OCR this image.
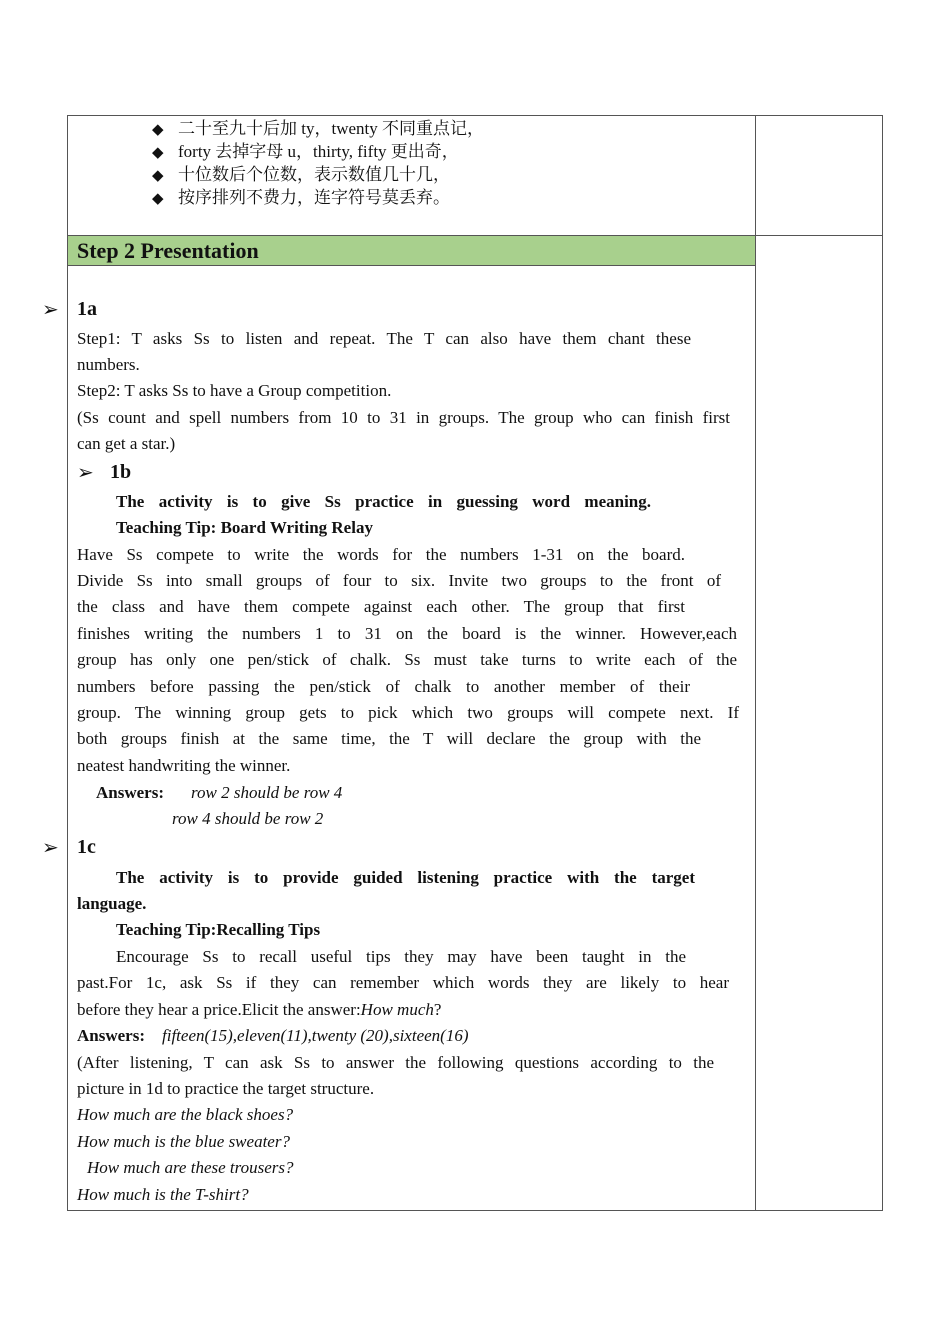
◆ 二十至九十后加 ty，twenty 不同重点记，
◆ forty 去掉字母 u，thirty, fifty 更出奇，
◆ 十位数后个位数，表示数值几十几，
◆ 按序排列不费力，连字符号莫丢弃。
Step 2 Presentation
➢ 1a
Step1: T asks Ss to listen and repeat. The T can also have them chant these
numbers.
Step2: T asks Ss to have a Group competition.
(Ss count and spell numbers from 10 to 31 in groups. The group who can finish first
can get a star.)
➢ 1b
The activity is to give Ss practice in guessing word meaning.
Teaching Tip: Board Writing Relay
Have Ss compete to write the words for the numbers 1-31 on the board.
Divide Ss into small groups of four to six. Invite two groups to the front of
the class and have them compete against each other. The group that first
finishes writing the numbers 1 to 31 on the board is the winner. However,each
group has only one pen/stick of chalk. Ss must take turns to write each of the
numbers before passing the pen/stick of chalk to another member of their
group. The winning group gets to pick which two groups will compete next. If
both groups finish at the same time, the T will declare the group with the
neatest handwriting the winner.
Answers: row 2 should be row 4
row 4 should be row 2
➢ 1c
The activity is to provide guided listening practice with the target
language.
Teaching Tip:Recalling Tips
Encourage Ss to recall useful tips they may have been taught in the
past.For 1c, ask Ss if they can remember which words they are likely to hear
before they hear a price.Elicit the answer:How much?
Answers: fifteen(15),eleven(11),twenty (20),sixteen(16)
(After listening, T can ask Ss to answer the following questions according to the
picture in 1d to practice the target structure.
How much are the black shoes?
How much is the blue sweater?
How much are these trousers?
How much is the T-shirt?
